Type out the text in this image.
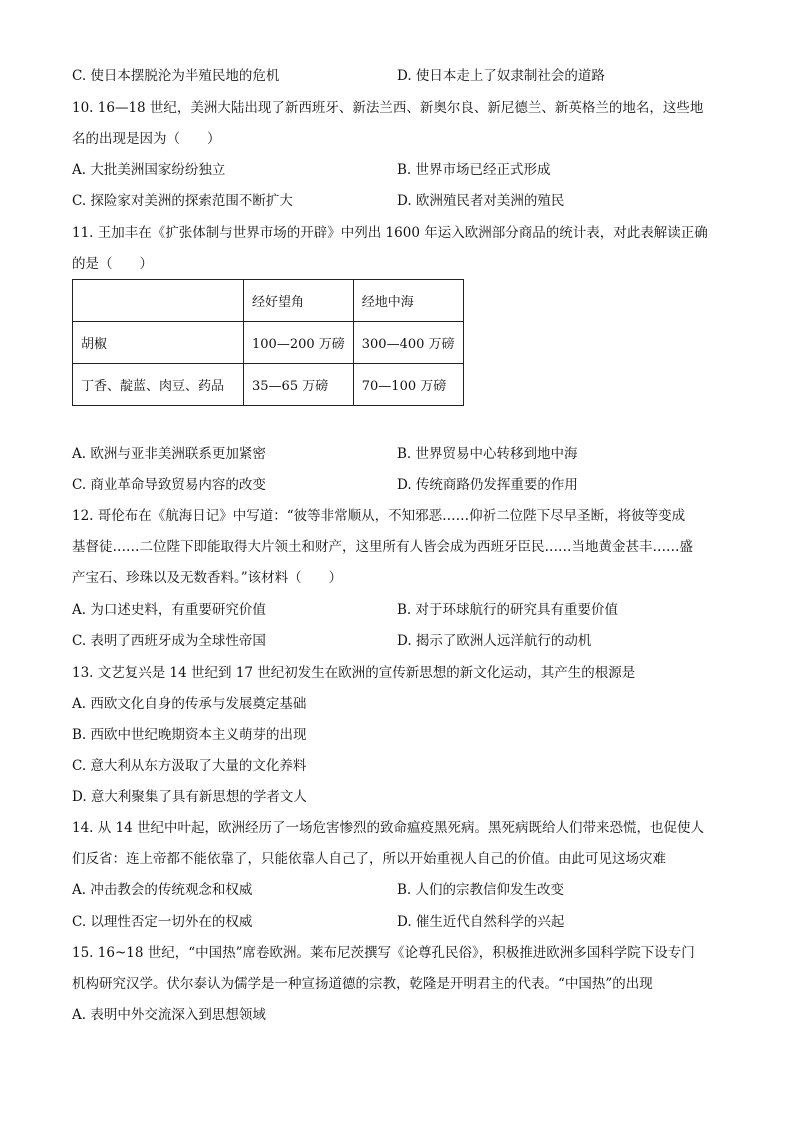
C. 使日本摆脱沦为半殖民地的危机	D. 使日本走上了奴隶制社会的道路
10. 16—18 世纪，美洲大陆出现了新西班牙、新法兰西、新奥尔良、新尼德兰、新英格兰的地名，这些地
名的出现是因为（　　）
A. 大批美洲国家纷纷独立	B. 世界市场已经正式形成
C. 探险家对美洲的探索范围不断扩大	D. 欧洲殖民者对美洲的殖民
11. 王加丰在《扩张体制与世界市场的开辟》中列出 1600 年运入欧洲部分商品的统计表，对此表解读正确
的是（　　）
	经好望角	经地中海
胡椒	100—200 万磅	300—400 万磅
丁香、靛蓝、肉豆、药品	35—65 万磅	70—100 万磅
A. 欧洲与亚非美洲联系更加紧密	B. 世界贸易中心转移到地中海
C. 商业革命导致贸易内容的改变	D. 传统商路仍发挥重要的作用
12. 哥伦布在《航海日记》中写道：“彼等非常顺从，不知邪恶……仰祈二位陛下尽早圣断，将彼等变成
基督徒……二位陛下即能取得大片领土和财产，这里所有人皆会成为西班牙臣民……当地黄金甚丰……盛
产宝石、珍珠以及无数香料。”该材料（　　）
A. 为口述史料，有重要研究价值	B. 对于环球航行的研究具有重要价值
C. 表明了西班牙成为全球性帝国	D. 揭示了欧洲人远洋航行的动机
13. 文艺复兴是 14 世纪到 17 世纪初发生在欧洲的宣传新思想的新文化运动，其产生的根源是
A. 西欧文化自身的传承与发展奠定基础
B. 西欧中世纪晚期资本主义萌芽的出现
C. 意大利从东方汲取了大量的文化养料
D. 意大利聚集了具有新思想的学者文人
14. 从 14 世纪中叶起，欧洲经历了一场危害惨烈的致命瘟疫黑死病。黑死病既给人们带来恐慌，也促使人
们反省：连上帝都不能依靠了，只能依靠人自己了，所以开始重视人自己的价值。由此可见这场灾难
A. 冲击教会的传统观念和权威	B. 人们的宗教信仰发生改变
C. 以理性否定一切外在的权威	D. 催生近代自然科学的兴起
15. 16~18 世纪，“中国热”席卷欧洲。莱布尼茨撰写《论尊孔民俗》，积极推进欧洲多国科学院下设专门
机构研究汉学。伏尔泰认为儒学是一种宣扬道德的宗教，乾隆是开明君主的代表。“中国热”的出现
A. 表明中外交流深入到思想领域
